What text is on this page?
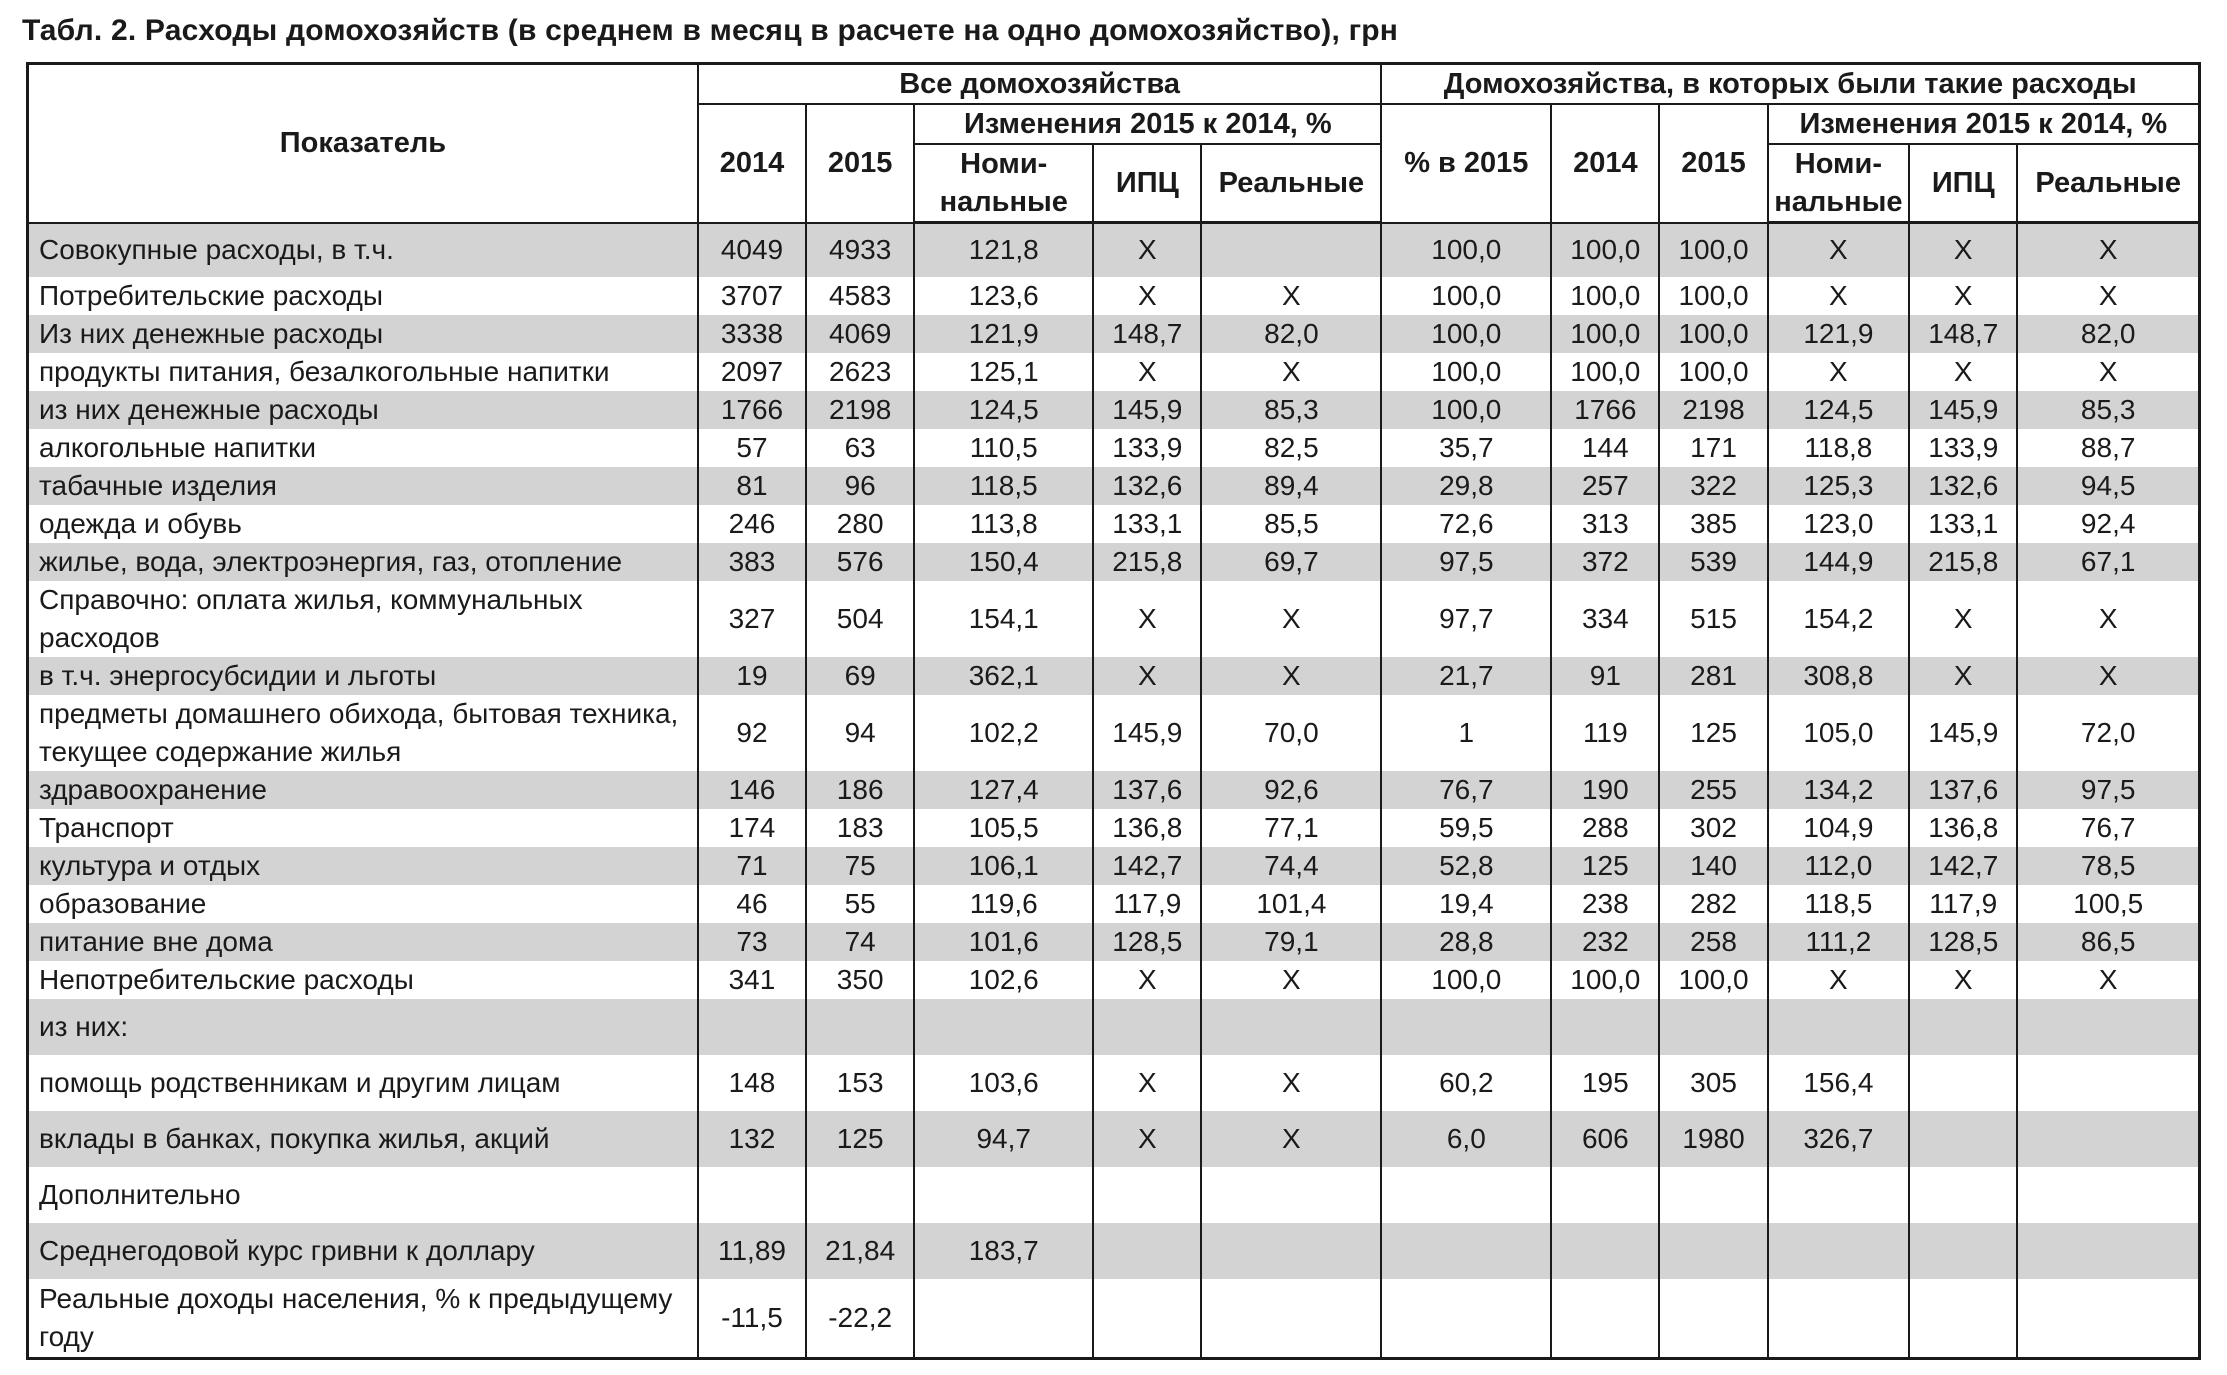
Табл. 2. Расходы домохозяйств (в среднем в месяц в расчете на одно домохозяйство), грн
Показатель	Все домохозяйства					Домохозяйства, в которых были такие расходы					
	2014	2015	Изменения 2015 к 2014, %			% в 2015	2014	2015	Изменения 2015 к 2014, %		
			Номи-нальные	ИПЦ	Реальные				Номи-нальные	ИПЦ	Реальные
Совокупные расходы, в т.ч.	4049	4933	121,8	X		100,0	100,0	100,0	X	X	X
Потребительские расходы	3707	4583	123,6	X	X	100,0	100,0	100,0	X	X	X
Из них денежные расходы	3338	4069	121,9	148,7	82,0	100,0	100,0	100,0	121,9	148,7	82,0
продукты питания, безалкогольные напитки	2097	2623	125,1	X	X	100,0	100,0	100,0	X	X	X
из них денежные расходы	1766	2198	124,5	145,9	85,3	100,0	1766	2198	124,5	145,9	85,3
алкогольные напитки	57	63	110,5	133,9	82,5	35,7	144	171	118,8	133,9	88,7
табачные изделия	81	96	118,5	132,6	89,4	29,8	257	322	125,3	132,6	94,5
одежда и обувь	246	280	113,8	133,1	85,5	72,6	313	385	123,0	133,1	92,4
жилье, вода, электроэнергия, газ, отопление	383	576	150,4	215,8	69,7	97,5	372	539	144,9	215,8	67,1
Справочно: оплата жилья, коммунальных расходов	327	504	154,1	X	X	97,7	334	515	154,2	X	X
в т.ч. энергосубсидии и льготы	19	69	362,1	X	X	21,7	91	281	308,8	X	X
предметы домашнего обихода, бытовая техника, текущее содержание жилья	92	94	102,2	145,9	70,0	1	119	125	105,0	145,9	72,0
здравоохранение	146	186	127,4	137,6	92,6	76,7	190	255	134,2	137,6	97,5
Транспорт	174	183	105,5	136,8	77,1	59,5	288	302	104,9	136,8	76,7
культура и отдых	71	75	106,1	142,7	74,4	52,8	125	140	112,0	142,7	78,5
образование	46	55	119,6	117,9	101,4	19,4	238	282	118,5	117,9	100,5
питание вне дома	73	74	101,6	128,5	79,1	28,8	232	258	111,2	128,5	86,5
Непотребительские расходы	341	350	102,6	X	X	100,0	100,0	100,0	X	X	X
из них:											
помощь родственникам и другим лицам	148	153	103,6	X	X	60,2	195	305	156,4		
вклады в банках, покупка жилья, акций	132	125	94,7	X	X	6,0	606	1980	326,7		
Дополнительно											
Среднегодовой курс гривни к доллару	11,89	21,84	183,7								
Реальные доходы населения, % к предыдущему году	-11,5	-22,2									
